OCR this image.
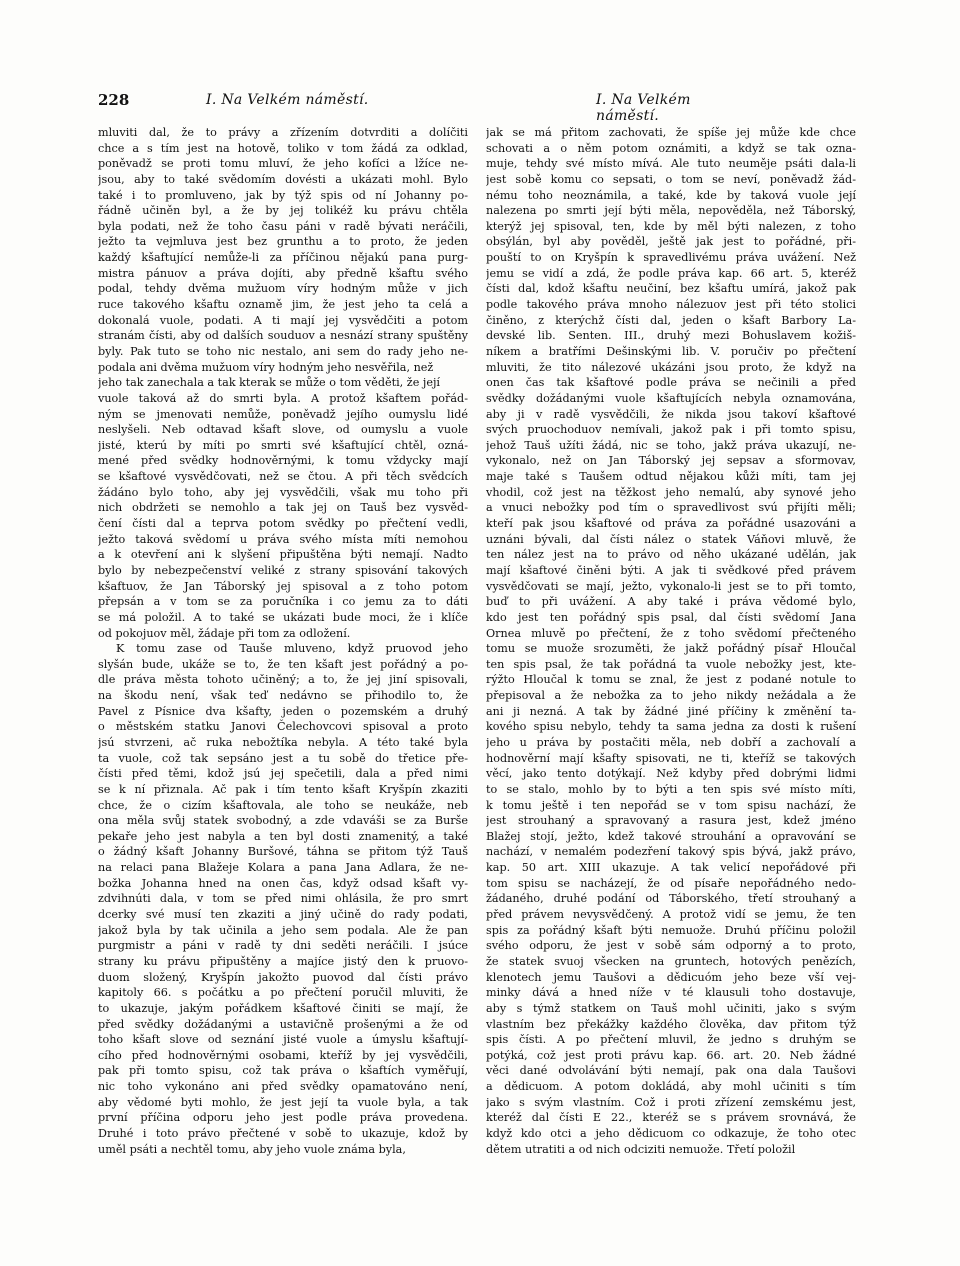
228	I. Na Velkém náměstí.	I. Na Velkém náměstí.
mluviti dal, že to právy a zřízením dotvrditi a dolíčiti
chce a s tím jest na hotově, toliko v tom žádá za odklad,
poněvadž se proti tomu mluví, že jeho kofíci a lžíce ne-
jsou, aby to také svědomím dovésti a ukázati mohl. Bylo
také i to promluveno, jak by týž spis od ní Johanny po-
řádně učiněn byl, a že by jej tolikéž ku právu chtěla
byla podati, než že toho času páni v radě bývati neráčili,
ježto ta vejmluva jest bez grunthu a to proto, že jeden
každý kšaftující nemůže-li za příčinou nějakú pana purg-
mistra pánuov a práva dojíti, aby předně kšaftu svého
podal, tehdy dvěma mužuom víry hodným může v jich
ruce takového kšaftu oznamě jim, že jest jeho ta celá a
dokonalá vuole, podati. A ti mají jej vysvědčiti a potom
stranám čísti, aby od dalších souduov a nesnází strany spuštěny
byly. Pak tuto se toho nic nestalo, ani sem do rady jeho ne-
podala ani dvěma mužuom víry hodným jeho nesvěřila, než
jeho tak zanechala a tak kterak se může o tom věděti, že její
vuole taková až do smrti byla. A protož kšaftem pořád-
ným se jmenovati nemůže, poněvadž jejího oumyslu lidé
neslyšeli. Neb odtavad kšaft slove, od oumyslu a vuole
jisté, kterú by míti po smrti své kšaftující chtěl, ozná-
mené před svědky hodnověrnými, k tomu vždycky mají
se kšaftové vysvědčovati, než se čtou. A při těch svědcích
žádáno bylo toho, aby jej vysvědčili, však mu toho při
nich obdržeti se nemohlo a tak jej on Tauš bez vysvěd-
čení čísti dal a teprva potom svědky po přečtení vedli,
ježto taková svědomí u práva svého místa míti nemohou
a k otevření ani k slyšení připuštěna býti nemají. Nadto
bylo by nebezpečenství veliké z strany spisování takových
kšaftuov, že Jan Táborský jej spisoval a z toho potom
přepsán a v tom se za poručníka i co jemu za to dáti
se má položil. A to také se ukázati bude moci, že i klíče
od pokojuov měl, žádaje při tom za odložení.
K tomu zase od Tauše mluveno, když pruovod jeho
slyšán bude, ukáže se to, že ten kšaft jest pořádný a po-
dle práva města tohoto učiněný; a to, že jej jiní spisovali,
na škodu není, však teď nedávno se přihodilo to, že
Pavel z Písnice dva kšafty, jeden o pozemském a druhý
o městském statku Janovi Čelechovcovi spisoval a proto
jsú stvrzeni, ač ruka nebožtíka nebyla. A této také byla
ta vuole, což tak sepsáno jest a tu sobě do třetice pře-
čísti před těmi, kdož jsú jej spečetili, dala a před nimi
se k ní přiznala. Ač pak i tím tento kšaft Kryšpín zkaziti
chce, že o cizím kšaftovala, ale toho se neukáže, neb
ona měla svůj statek svobodný, a zde vdaváši se za Burše
pekaře jeho jest nabyla a ten byl dosti znamenitý, a také
o žádný kšaft Johanny Buršové, táhna se přitom týž Tauš
na relaci pana Blažeje Kolara a pana Jana Adlara, že ne-
božka Johanna hned na onen čas, když odsad kšaft vy-
zdvihnúti dala, v tom se před nimi ohlásila, že pro smrt
dcerky své musí ten zkaziti a jiný učině do rady podati,
jakož byla by tak učinila a jeho sem podala. Ale že pan
purgmistr a páni v radě ty dni seděti neráčili. I jsúce
strany ku právu připuštěny a majíce jistý den k pruovo-
duom složený, Kryšpín jakožto puovod dal čísti právo
kapitoly 66. s počátku a po přečtení poručil mluviti, že
to ukazuje, jakým pořádkem kšaftové činiti se mají, že
před svědky dožádanými a ustavičně prošenými a že od
toho kšaft slove od seznání jisté vuole a úmyslu kšaftují-
cího před hodnověrnými osobami, kteříž by jej vysvědčili,
pak při tomto spisu, což tak práva o kšaftích vyměřují,
nic toho vykonáno ani před svědky opamatováno není,
aby vědomé byti mohlo, že jest její ta vuole byla, a tak
první příčina odporu jeho jest podle práva provedena.
Druhé i toto právo přečtené v sobě to ukazuje, kdož by
uměl psáti a nechtěl tomu, aby jeho vuole známa byla,
jak se má přitom zachovati, že spíše jej může kde chce
schovati a o něm potom oznámiti, a když se tak ozna-
muje, tehdy své místo mívá. Ale tuto neuměje psáti dala-li
jest sobě komu co sepsati, o tom se neví, poněvadž žád-
nému toho neoznámila, a také, kde by taková vuole její
nalezena po smrti její býti měla, nepověděla, než Táborský,
kterýž jej spisoval, ten, kde by měl býti nalezen, z toho
obsýlán, byl aby pověděl, ještě jak jest to pořádné, při-
pouští to on Kryšpín k spravedlivému práva uvážení. Než
jemu se vidí a zdá, že podle práva kap. 66 art. 5, kteréž
čísti dal, kdož kšaftu neučiní, bez kšaftu umírá, jakož pak
podle takového práva mnoho nálezuov jest při této stolici
činěno, z kterýchž čísti dal, jeden o kšaft Barbory La-
devské lib. Senten. III., druhý mezi Bohuslavem kožiš-
níkem a bratřími Dešinskými lib. V. poručiv po přečtení
mluviti, že tito nálezové ukázáni jsou proto, že když na
onen čas tak kšaftové podle práva se nečinili a před
svědky dožádanými vuole kšaftujících nebyla oznamována,
aby ji v radě vysvědčili, že nikda jsou takoví kšaftové
svých pruochoduov nemívali, jakož pak i při tomto spisu,
jehož Tauš užíti žádá, nic se toho, jakž práva ukazují, ne-
vykonalo, než on Jan Táborský jej sepsav a sformovav,
maje také s Taušem odtud nějakou kůži míti, tam jej
vhodil, což jest na těžkost jeho nemalú, aby synové jeho
a vnuci nebožky pod tím o spravedlivost svú přijíti měli;
kteří pak jsou kšaftové od práva za pořádné usazováni a
uznáni bývali, dal čísti nález o statek Váňovi mluvě, že
ten nález jest na to právo od něho ukázané udělán, jak
mají kšaftové činěni býti. A jak ti svědkové před právem
vysvědčovati se mají, ježto, vykonalo-li jest se to při tomto,
buď to při uvážení. A aby také i práva vědomé bylo,
kdo jest ten pořádný spis psal, dal čísti svědomí Jana
Ornea mluvě po přečtení, že z toho svědomí přečteného
tomu se muože srozuměti, že jakž pořádný písař Hloučal
ten spis psal, že tak pořádná ta vuole nebožky jest, kte-
rýžto Hloučal k tomu se znal, že jest z podané notule to
přepisoval a že nebožka za to jeho nikdy nežádala a že
ani ji nezná. A tak by žádné jiné příčiny k změnění ta-
kového spisu nebylo, tehdy ta sama jedna za dosti k rušení
jeho u práva by postačiti měla, neb dobří a zachovalí a
hodnověrní mají kšafty spisovati, ne ti, kteříž se takových
věcí, jako tento dotýkají. Než kdyby před dobrými lidmi
to se stalo, mohlo by to býti a ten spis své místo míti,
k tomu ještě i ten nepořád se v tom spisu nachází, že
jest strouhaný a spravovaný a rasura jest, kdež jméno
Blažej stojí, ježto, kdež takové strouhání a opravování se
nachází, v nemalém podezření takový spis bývá, jakž právo,
kap. 50 art. XIII ukazuje. A tak velicí nepořádové při
tom spisu se nacházejí, že od písaře nepořádného nedo-
žádaného, druhé podání od Táborského, třetí strouhaný a
před právem nevysvědčený. A protož vidí se jemu, že ten
spis za pořádný kšaft býti nemuože. Druhú příčinu položil
svého odporu, že jest v sobě sám odporný a to proto,
že statek svuoj všecken na gruntech, hotových penězích,
klenotech jemu Taušovi a dědicuóm jeho beze vší vej-
minky dává a hned níže v té klausuli toho dostavuje,
aby s týmž statkem on Tauš mohl učiniti, jako s svým
vlastním bez překážky každého člověka, dav přitom týž
spis čísti. A po přečtení mluvil, že jedno s druhým se
potýká, což jest proti právu kap. 66. art. 20. Neb žádné
věci dané odvolávání býti nemají, pak ona dala Taušovi
a dědicuom. A potom dokládá, aby mohl učiniti s tím
jako s svým vlastním. Což i proti zřízení zemskému jest,
kteréž dal čísti E 22., kteréž se s právem srovnává, že
když kdo otci a jeho dědicuom co odkazuje, že toho otec
dětem utratiti a od nich odciziti nemuože. Třetí položil
